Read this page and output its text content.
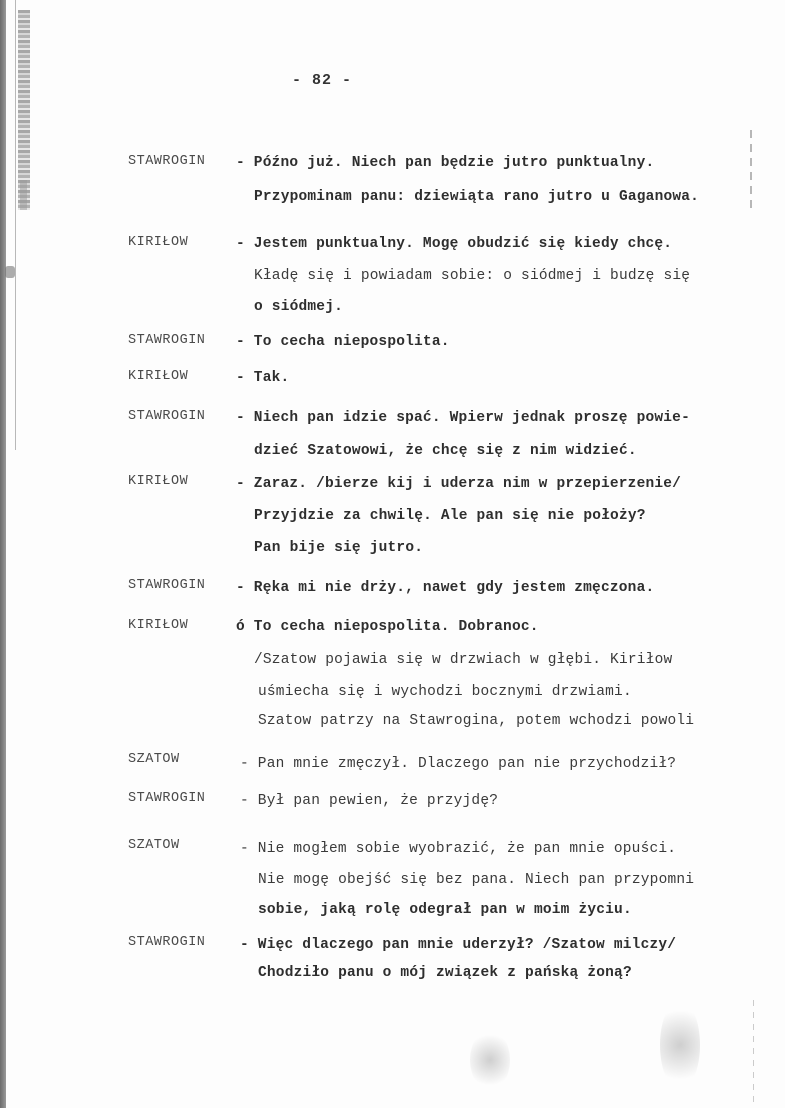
- 82 -
STAWROGIN - Późno już. Niech pan będzie jutro punktualny.
Przypominam panu: dziewiąta rano jutro u Gaganowa.
KIRIŁOW	- Jestem punktualny. Mogę obudzić się kiedy chcę.
Kładę się i powiadam sobie: o siódmej i budzę się
o siódmej.
STAWROGIN - To cecha niepospolita.
KIRIŁOW	- Tak.
STAWROGIN - Niech pan idzie spać. Wpierw jednak proszę powie-
dzieć Szatowowi, że chcę się z nim widzieć.
KIRIŁOW	- Zaraz. /bierze kij i uderza nim w przepierzenie/
Przyjdzie za chwilę. Ale pan się nie położy?
Pan bije się jutro.
STAWROGIN - Ręka mi nie drży., nawet gdy jestem zmęczona.
KIRIŁOW	ó To cecha niepospolita. Dobranoc.
/Szatow pojawia się w drzwiach w głębi. Kiriłow
uśmiecha się i wychodzi bocznymi drzwiami.
Szatow patrzy na Stawrogina, potem wchodzi powoli
SZATOW	- Pan mnie zmęczył. Dlaczego pan nie przychodził?
STAWROGIN - Był pan pewien, że przyjdę?
SZATOW	- Nie mogłem sobie wyobrazić, że pan mnie opuści.
Nie mogę obejść się bez pana. Niech pan przypomni
sobie, jaką rolę odegrał pan w moim życiu.
STAWROGIN - Więc dlaczego pan mnie uderzył? /Szatow milczy/
Chodziło panu o mój związek z pańską żoną?
